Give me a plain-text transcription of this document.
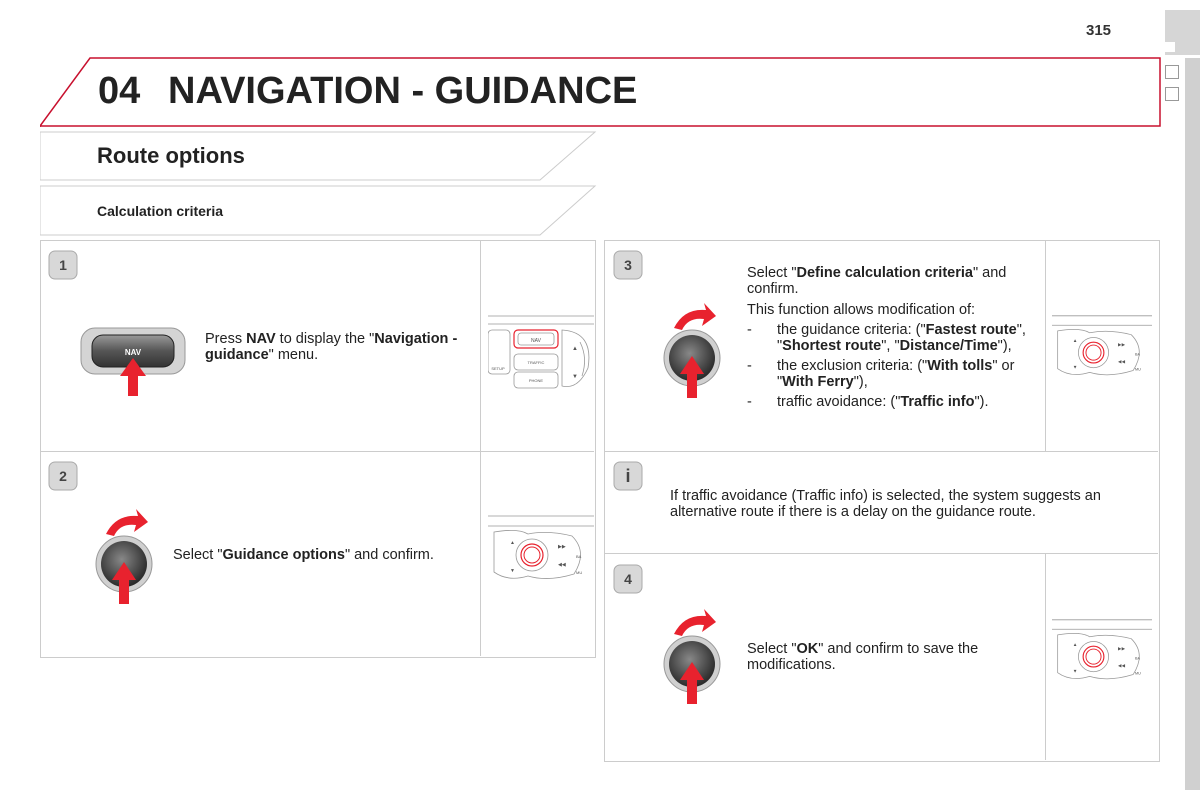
315
04 NAVIGATION - GUIDANCE
Route options
Calculation criteria
1
2
3
i
4
NAV
Press NAV to display the "Navigation - guidance" menu.
Select "Guidance options" and confirm.

Select "Define calculation criteria" and confirm.

This function allows modification of:

- the guidance criteria: ("Fastest route", "Shortest route", "Distance/Time"),
- the exclusion criteria: ("With tolls" or "With Ferry"),
- traffic avoidance: ("Traffic info").
If traffic avoidance (Traffic info) is selected, the system suggests an alternative route if there is a delay on the guidance route.
Select "OK" and confirm to save the modifications.
NAV
TRAFFIC
PHONE
SETUP
▲
▼
▲
▼
▶▶
◀◀
BA
MU
▲
▼
▶▶
◀◀
BA
MU
▲
▼
▶▶
◀◀
BA
MU
